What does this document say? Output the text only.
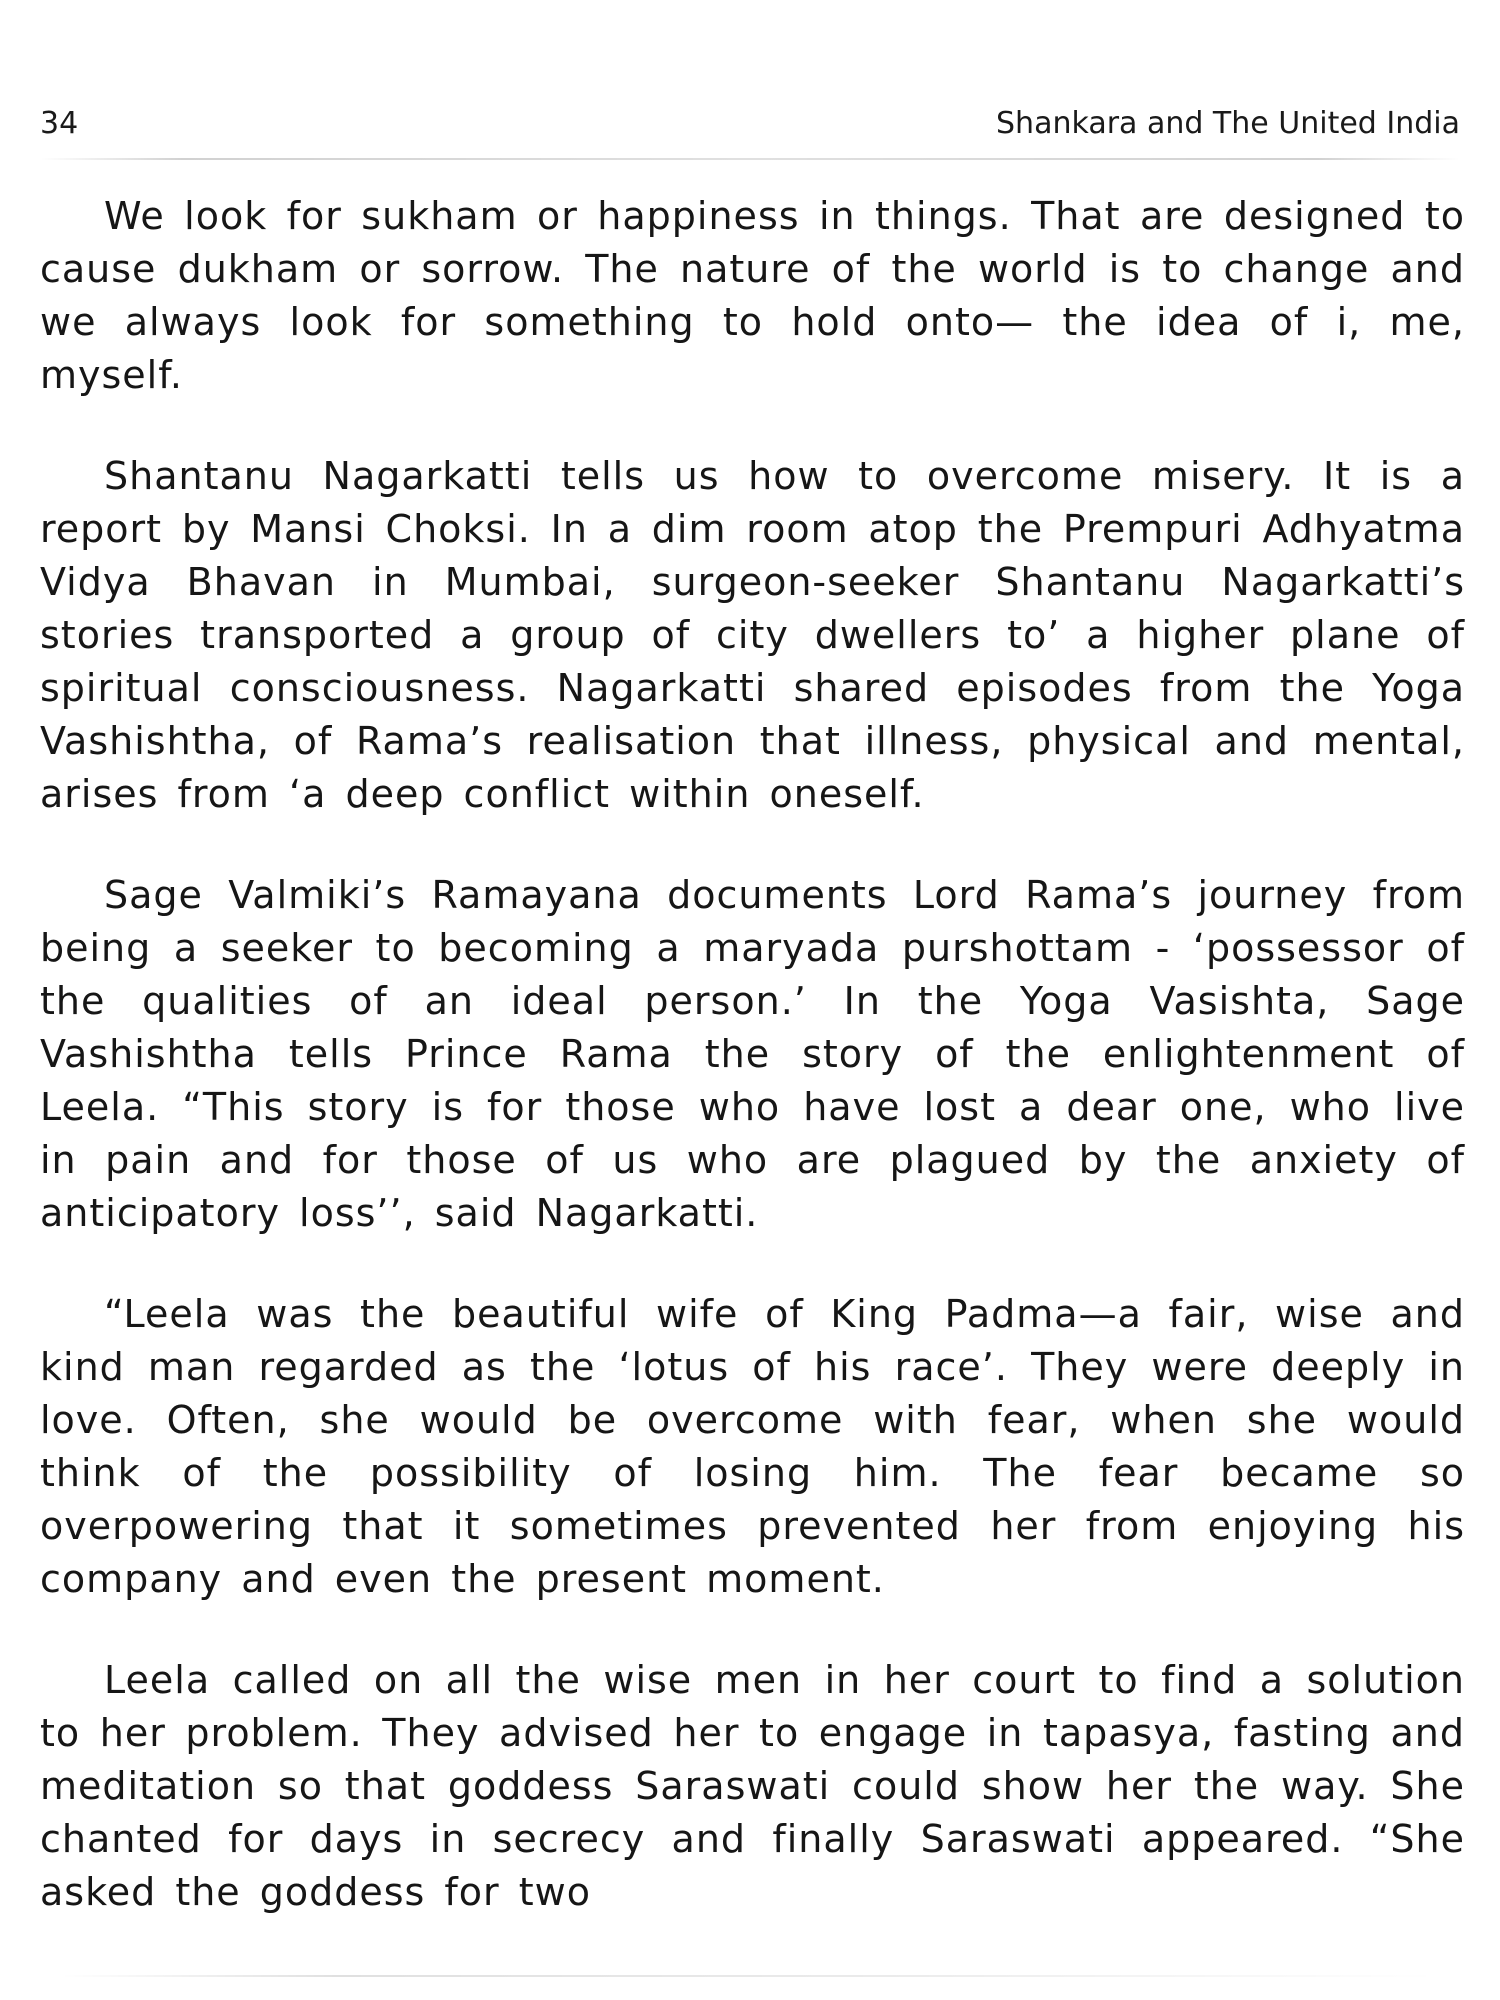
34	Shankara and The United India

We look for sukham or happiness in things. That are designed to cause dukham or sorrow. The nature of the world is to change and we always look for something to hold onto— the idea of i, me, myself.

Shantanu Nagarkatti tells us how to overcome misery. It is a report by Mansi Choksi. In a dim room atop the Prempuri Adhyatma Vidya Bhavan in Mumbai, surgeon-seeker Shantanu Nagarkatti’s stories transported a group of city dwellers to’ a higher plane of spiritual consciousness. Nagarkatti shared episodes from the Yoga Vashishtha, of Rama’s realisation that illness, physical and mental, arises from ‘a deep conflict within oneself.

Sage Valmiki’s Ramayana documents Lord Rama’s journey from being a seeker to becoming a maryada purshottam - ‘possessor of the qualities of an ideal person.’ In the Yoga Vasishta, Sage Vashishtha tells Prince Rama the story of the enlightenment of Leela. “This story is for those who have lost a dear one, who live in pain and for those of us who are plagued by the anxiety of anticipatory loss’’, said Nagarkatti.

“Leela was the beautiful wife of King Padma—a fair, wise and kind man regarded as the ‘lotus of his race’. They were deeply in love. Often, she would be overcome with fear, when she would think of the possibility of losing him. The fear became so overpowering that it sometimes prevented her from enjoying his company and even the present moment.

Leela called on all the wise men in her court to find a solution to her problem. They advised her to engage in tapasya, fasting and meditation so that goddess Saraswati could show her the way. She chanted for days in secrecy and finally Saraswati appeared. “She asked the goddess for two
